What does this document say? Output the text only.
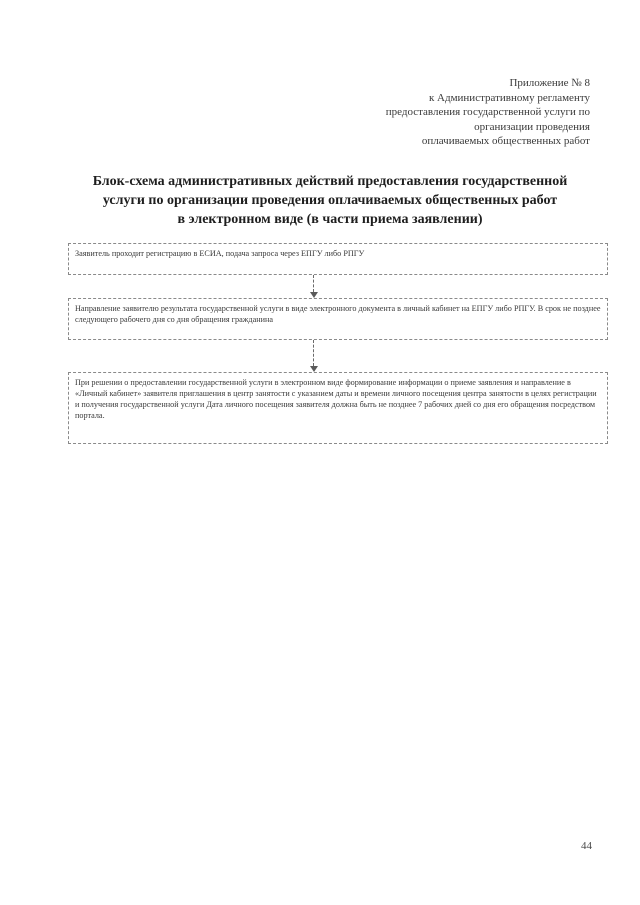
Приложение № 8
к Административному регламенту
предоставления государственной услуги по
организации проведения
оплачиваемых общественных работ
Блок-схема административных действий предоставления государственной
услуги по организации проведения оплачиваемых общественных работ
в электронном виде (в части приема заявлении)
Заявитель проходит регистрацию в ЕСИА, подача запроса через ЕПГУ либо РПГУ
Направление заявителю результата государственной услуги в виде электронного документа в личный кабинет на ЕПГУ либо РПГУ. В срок не позднее следующего рабочего дня со дня обращения гражданина
При решении о предоставлении государственной услуги в электронном виде формирование информации о приеме заявления и направление в «Личный кабинет» заявителя приглашения в центр занятости с указанием даты и времени личного посещения центра занятости в целях регистрации и получения государственной услуги Дата личного посещения заявителя должна быть не позднее 7 рабочих дней со дня его обращения посредством портала.
44
